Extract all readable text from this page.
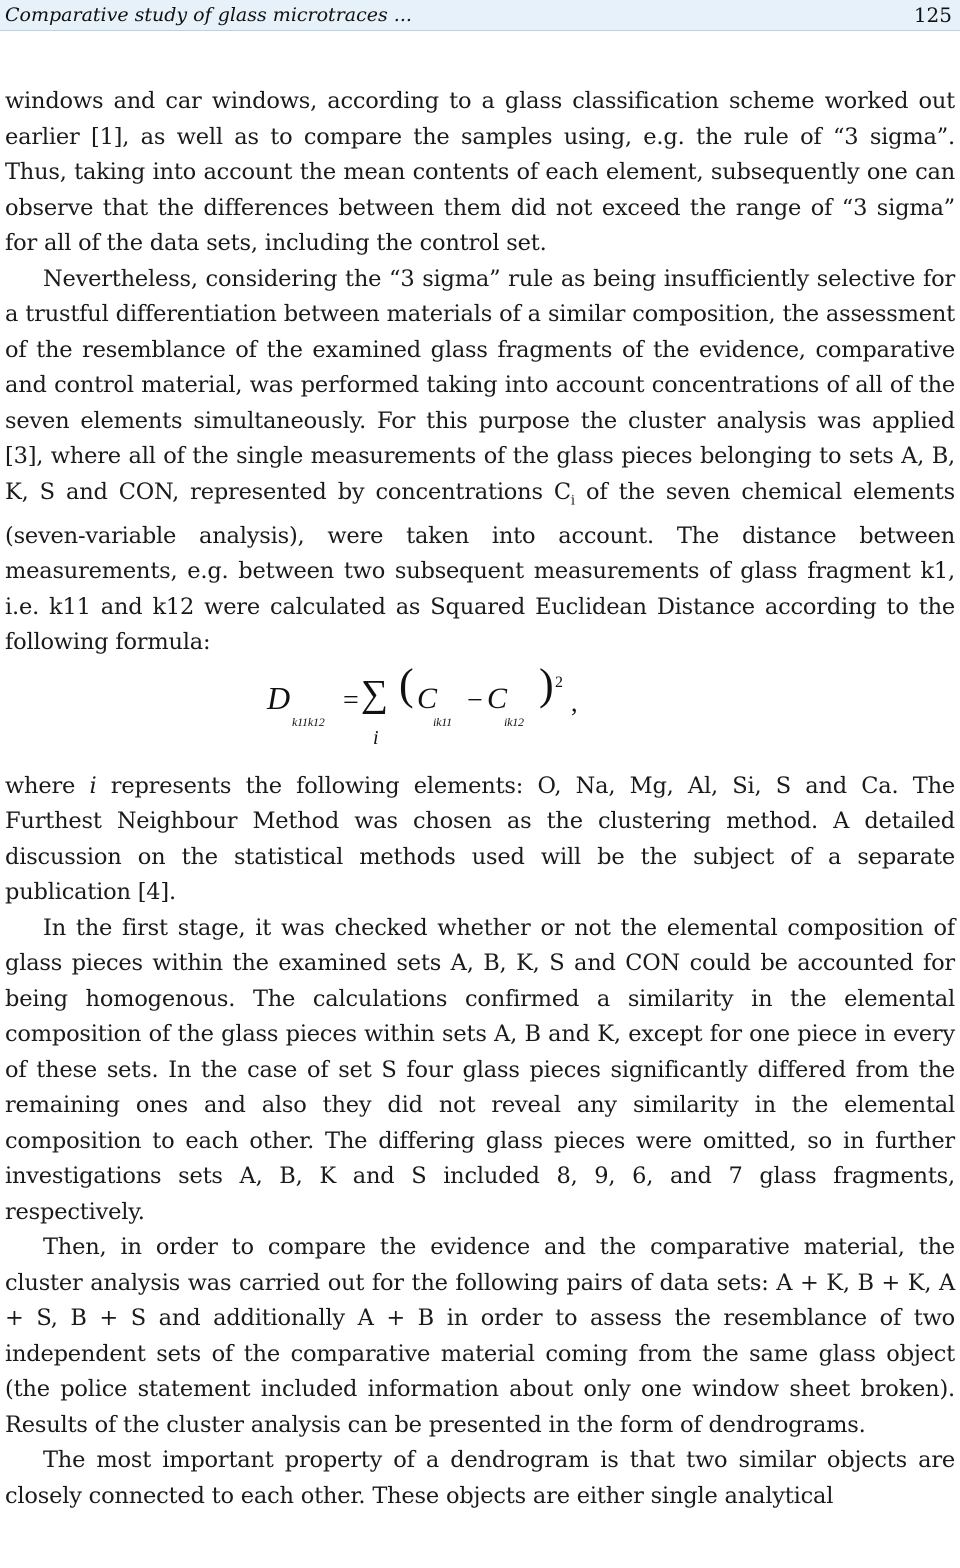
Comparative study of glass microtraces ...	125

windows and car windows, according to a glass classification scheme worked out earlier [1], as well as to compare the samples using, e.g. the rule of “3 sigma”. Thus, taking into account the mean contents of each element, subsequently one can observe that the differences between them did not exceed the range of “3 sigma” for all of the data sets, including the control set.

Nevertheless, considering the “3 sigma” rule as being insufficiently selective for a trustful differentiation between materials of a similar composition, the assessment of the resemblance of the examined glass fragments of the evidence, comparative and control material, was performed taking into account concentrations of all of the seven elements simultaneously. For this purpose the cluster analysis was applied [3], where all of the single measurements of the glass pieces belonging to sets A, B, K, S and CON, represented by concentrations $C_i$ of the seven chemical elements (seven-variable analysis), were taken into account. The distance between measurements, e.g. between two subsequent measurements of glass fragment k1, i.e. k11 and k12 were calculated as Squared Euclidean Distance according to the following formula:

D
k11k12
= ∑
i
( C
ik11
− C
ik12
) 2
,

where i represents the following elements: O, Na, Mg, Al, Si, S and Ca. The Furthest Neighbour Method was chosen as the clustering method. A detailed discussion on the statistical methods used will be the subject of a separate publication [4].

In the first stage, it was checked whether or not the elemental composition of glass pieces within the examined sets A, B, K, S and CON could be accounted for being homogenous. The calculations confirmed a similarity in the elemental composition of the glass pieces within sets A, B and K, except for one piece in every of these sets. In the case of set S four glass pieces significantly differed from the remaining ones and also they did not reveal any similarity in the elemental composition to each other. The differing glass pieces were omitted, so in further investigations sets A, B, K and S included 8, 9, 6, and 7 glass fragments, respectively.

Then, in order to compare the evidence and the comparative material, the cluster analysis was carried out for the following pairs of data sets: A + K, B + K, A + S, B + S and additionally A + B in order to assess the resemblance of two independent sets of the comparative material coming from the same glass object (the police statement included information about only one window sheet broken). Results of the cluster analysis can be presented in the form of dendrograms.

The most important property of a dendrogram is that two similar objects are closely connected to each other. These objects are either single analytical
